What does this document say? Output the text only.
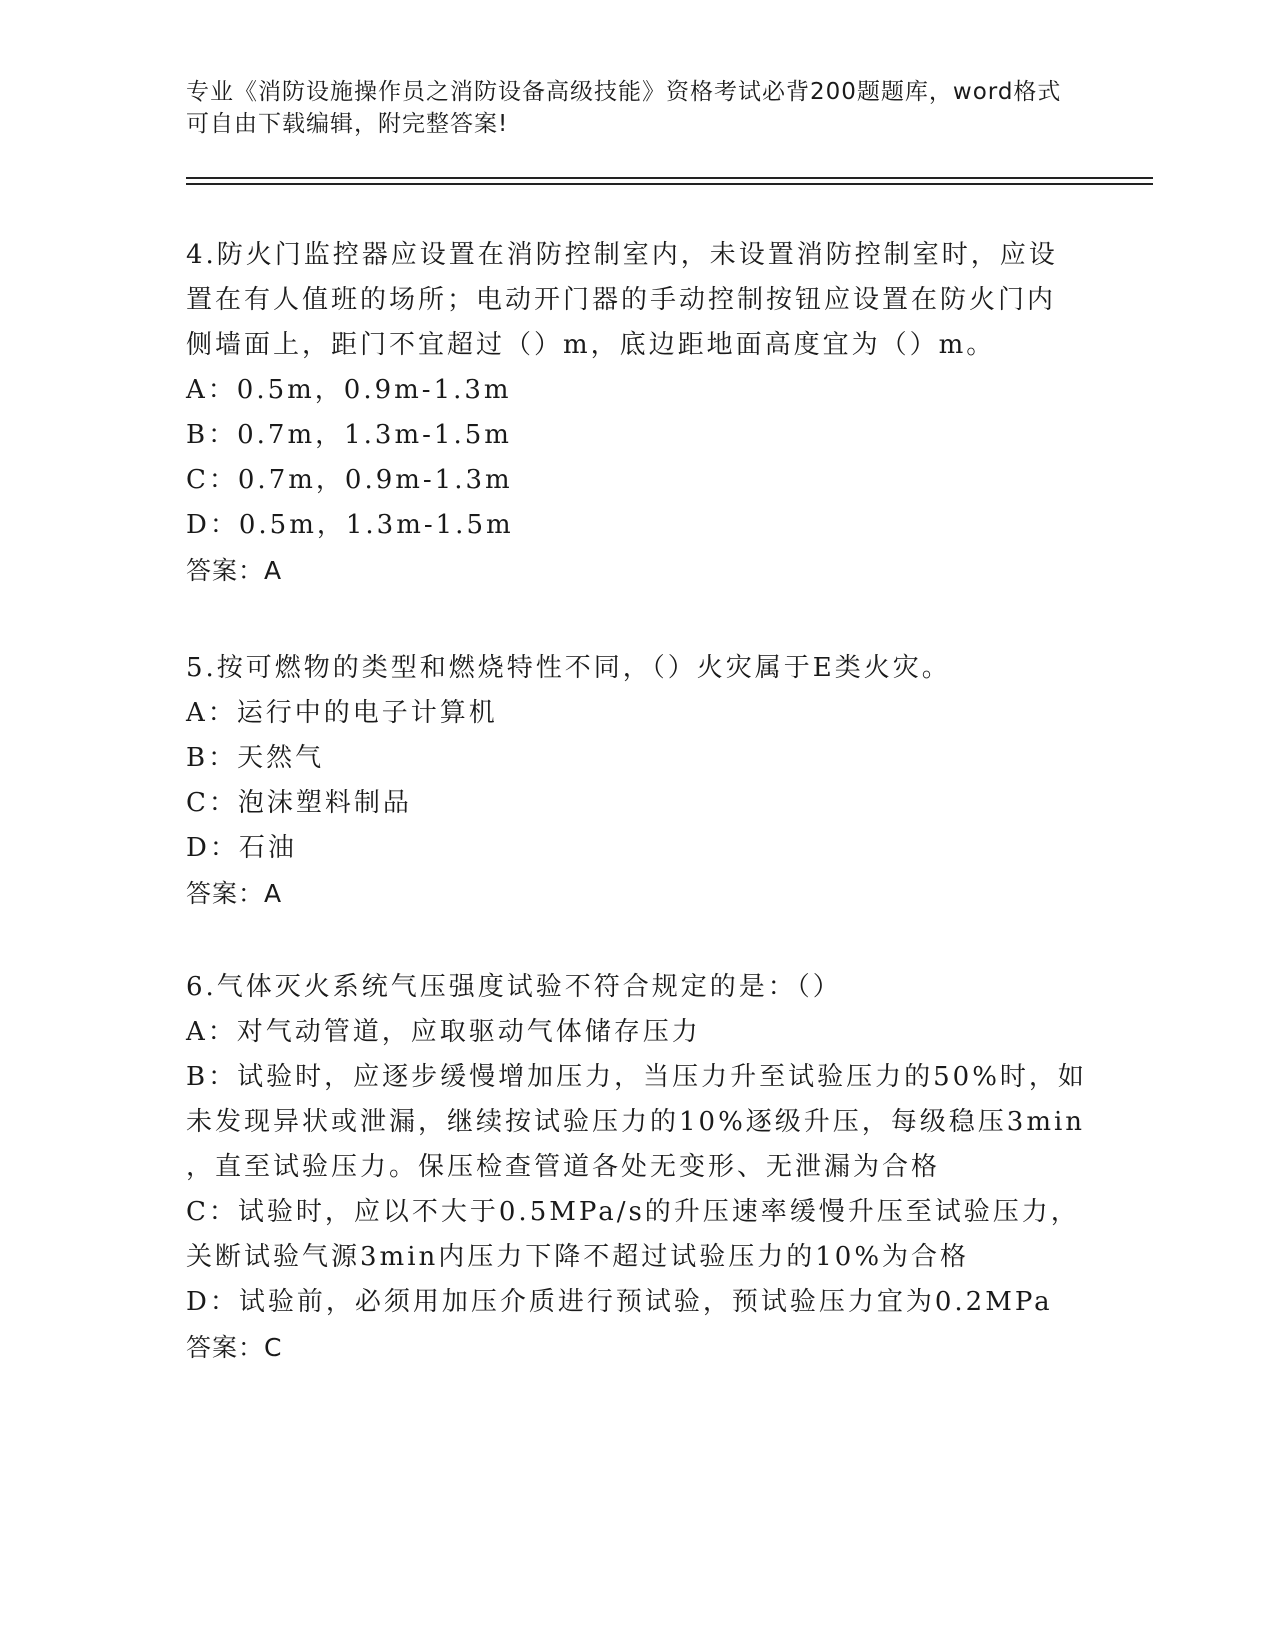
专业《消防设施操作员之消防设备高级技能》资格考试必背200题题库，word格式可自由下载编辑，附完整答案!
4.防火门监控器应设置在消防控制室内，未设置消防控制室时，应设
置在有人值班的场所；电动开门器的手动控制按钮应设置在防火门内
侧墙面上，距门不宜超过（）m，底边距地面高度宜为（）m。
A：0.5m，0.9m-1.3m
B：0.7m，1.3m-1.5m
C：0.7m，0.9m-1.3m
D：0.5m，1.3m-1.5m
答案：A
5.按可燃物的类型和燃烧特性不同，（）火灾属于E类火灾。
A：运行中的电子计算机
B：天然气
C：泡沫塑料制品
D：石油
答案：A
6.气体灭火系统气压强度试验不符合规定的是：（）
A：对气动管道，应取驱动气体储存压力
B：试验时，应逐步缓慢增加压力，当压力升至试验压力的50%时，如
未发现异状或泄漏，继续按试验压力的10%逐级升压，每级稳压3min
，直至试验压力。保压检查管道各处无变形、无泄漏为合格
C：试验时，应以不大于0.5MPa/s的升压速率缓慢升压至试验压力，
关断试验气源3min内压力下降不超过试验压力的10%为合格
D：试验前，必须用加压介质进行预试验，预试验压力宜为0.2MPa
答案：C
